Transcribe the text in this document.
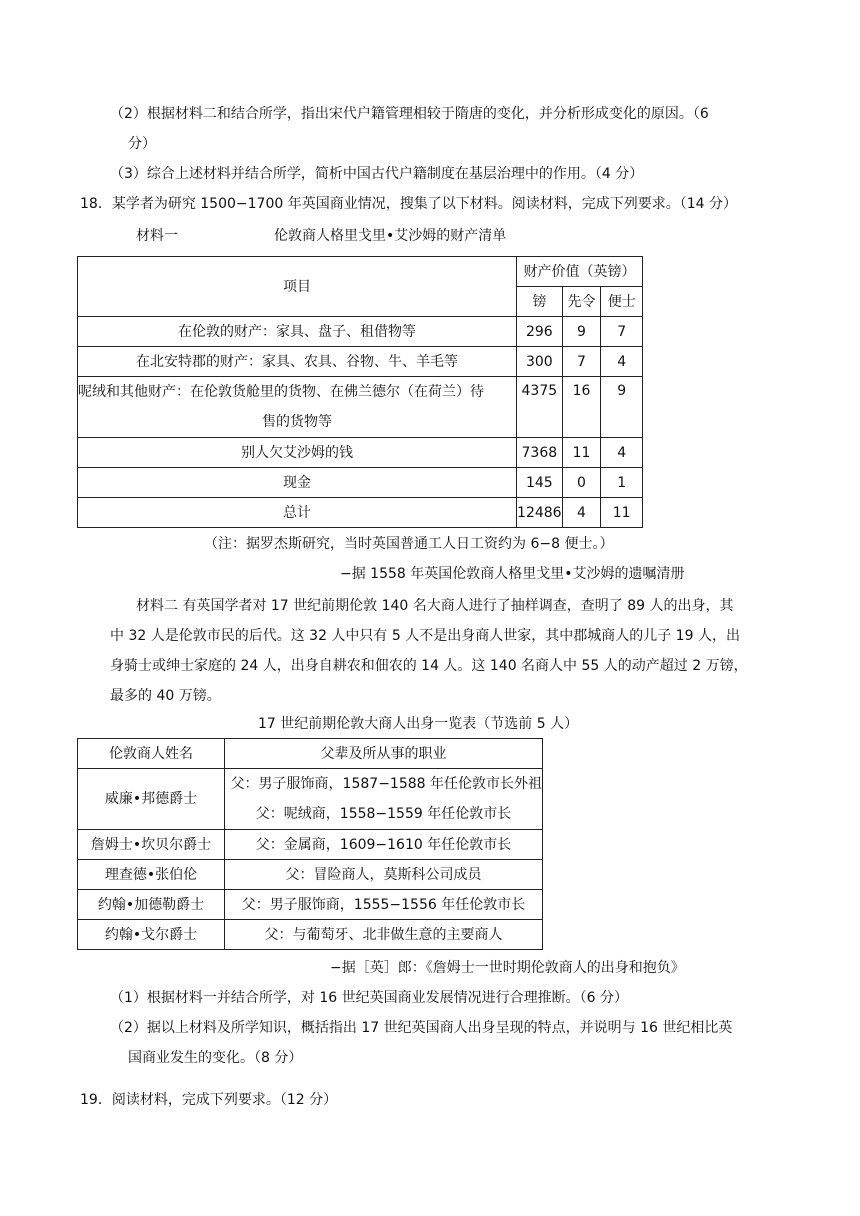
（2）根据材料二和结合所学，指出宋代户籍管理相较于隋唐的变化，并分析形成变化的原因。（6
分）
（3）综合上述材料并结合所学，简析中国古代户籍制度在基层治理中的作用。（4 分）
18．某学者为研究 1500−1700 年英国商业情况，搜集了以下材料。阅读材料，完成下列要求。（14 分）
材料一	伦敦商人格里戈里•艾沙姆的财产清单
项目	财产价值（英镑）		
	镑	先令	便士
在伦敦的财产：家具、盘子、租借物等	296	9	7
在北安特郡的财产：家具、农具、谷物、牛、羊毛等	300	7	4

呢绒和其他财产：在伦敦货舱里的货物、在佛兰德尔（在荷兰）待
售的货物等	4375	16	9
别人欠艾沙姆的钱	7368	11	4
现金	145	0	1
总计	12486	4	11
（注：据罗杰斯研究，当时英国普通工人日工资约为 6−8 便士。）
−据 1558 年英国伦敦商人格里戈里•艾沙姆的遗嘱清册
材料二 有英国学者对 17 世纪前期伦敦 140 名大商人进行了抽样调查，查明了 89 人的出身，其
中 32 人是伦敦市民的后代。这 32 人中只有 5 人不是出身商人世家，其中郡城商人的儿子 19 人，出
身骑士或绅士家庭的 24 人，出身自耕农和佃农的 14 人。这 140 名商人中 55 人的动产超过 2 万镑，
最多的 40 万镑。
17 世纪前期伦敦大商人出身一览表（节选前 5 人）
伦敦商人姓名	父辈及所从事的职业
威廉•邦德爵士	父：男子服饰商，1587−1588 年任伦敦市长外祖
父：呢绒商，1558−1559 年任伦敦市长

詹姆士•坎贝尔爵士	父：金属商，1609−1610 年任伦敦市长
理查德•张伯伦	父：冒险商人，莫斯科公司成员
约翰•加德勒爵士	父：男子服饰商，1555−1556 年任伦敦市长
约翰•戈尔爵士	父：与葡萄牙、北非做生意的主要商人
−据［英］郎：《詹姆士一世时期伦敦商人的出身和抱负》
（1）根据材料一并结合所学，对 16 世纪英国商业发展情况进行合理推断。（6 分）
（2）据以上材料及所学知识，概括指出 17 世纪英国商人出身呈现的特点，并说明与 16 世纪相比英
国商业发生的变化。（8 分）
19．阅读材料，完成下列要求。（12 分）
